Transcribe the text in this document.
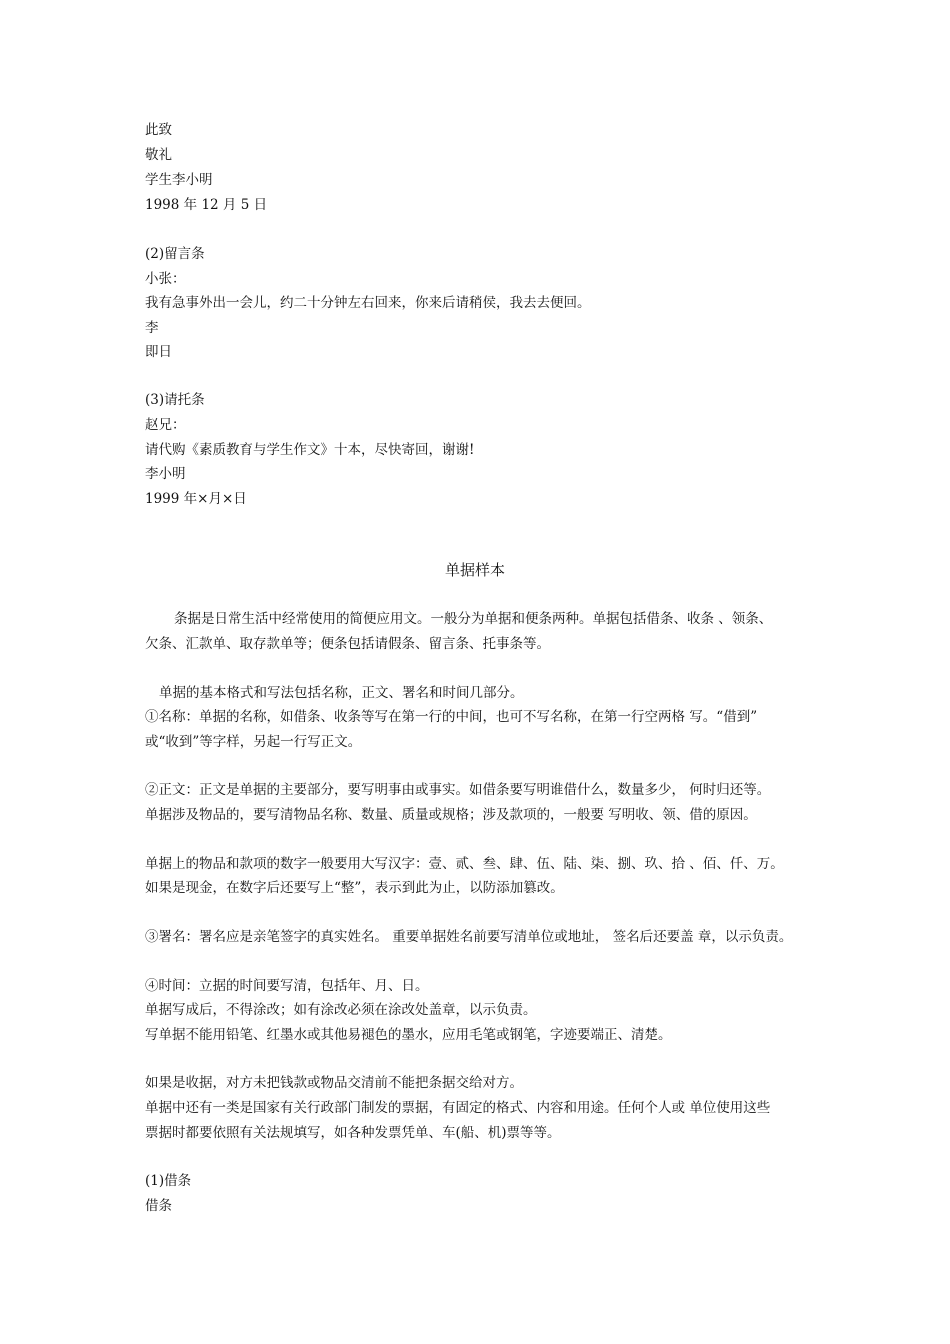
此致
敬礼
学生李小明
1998 年 12 月 5 日
(2)留言条
小张：
我有急事外出一会儿，约二十分钟左右回来，你来后请稍侯，我去去便回。
李
即日
(3)请托条
赵兄：
请代购《素质教育与学生作文》十本，尽快寄回，谢谢!
李小明
1999 年×月×日
单据样本
条据是日常生活中经常使用的简便应用文。一般分为单据和便条两种。单据包括借条、收条 、领条、
欠条、汇款单、取存款单等；便条包括请假条、留言条、托事条等。
单据的基本格式和写法包括名称，正文、署名和时间几部分。
①名称：单据的名称，如借条、收条等写在第一行的中间，也可不写名称，在第一行空两格 写。“借到”
或“收到”等字样，另起一行写正文。
②正文：正文是单据的主要部分，要写明事由或事实。如借条要写明谁借什么，数量多少， 何时归还等。
单据涉及物品的，要写清物品名称、数量、质量或规格；涉及款项的，一般要 写明收、领、借的原因。
单据上的物品和款项的数字一般要用大写汉字：壹、贰、叁、肆、伍、陆、柒、捌、玖、拾 、佰、仟、万。
如果是现金，在数字后还要写上“整”，表示到此为止，以防添加篡改。
③署名：署名应是亲笔签字的真实姓名。 重要单据姓名前要写清单位或地址， 签名后还要盖 章，以示负责。
④时间：立据的时间要写清，包括年、月、日。
单据写成后，不得涂改；如有涂改必须在涂改处盖章，以示负责。
写单据不能用铅笔、红墨水或其他易褪色的墨水，应用毛笔或钢笔，字迹要端正、清楚。
如果是收据，对方未把钱款或物品交清前不能把条据交给对方。
单据中还有一类是国家有关行政部门制发的票据，有固定的格式、内容和用途。任何个人或 单位使用这些
票据时都要依照有关法规填写，如各种发票凭单、车(船、机)票等等。
(1)借条
借条
